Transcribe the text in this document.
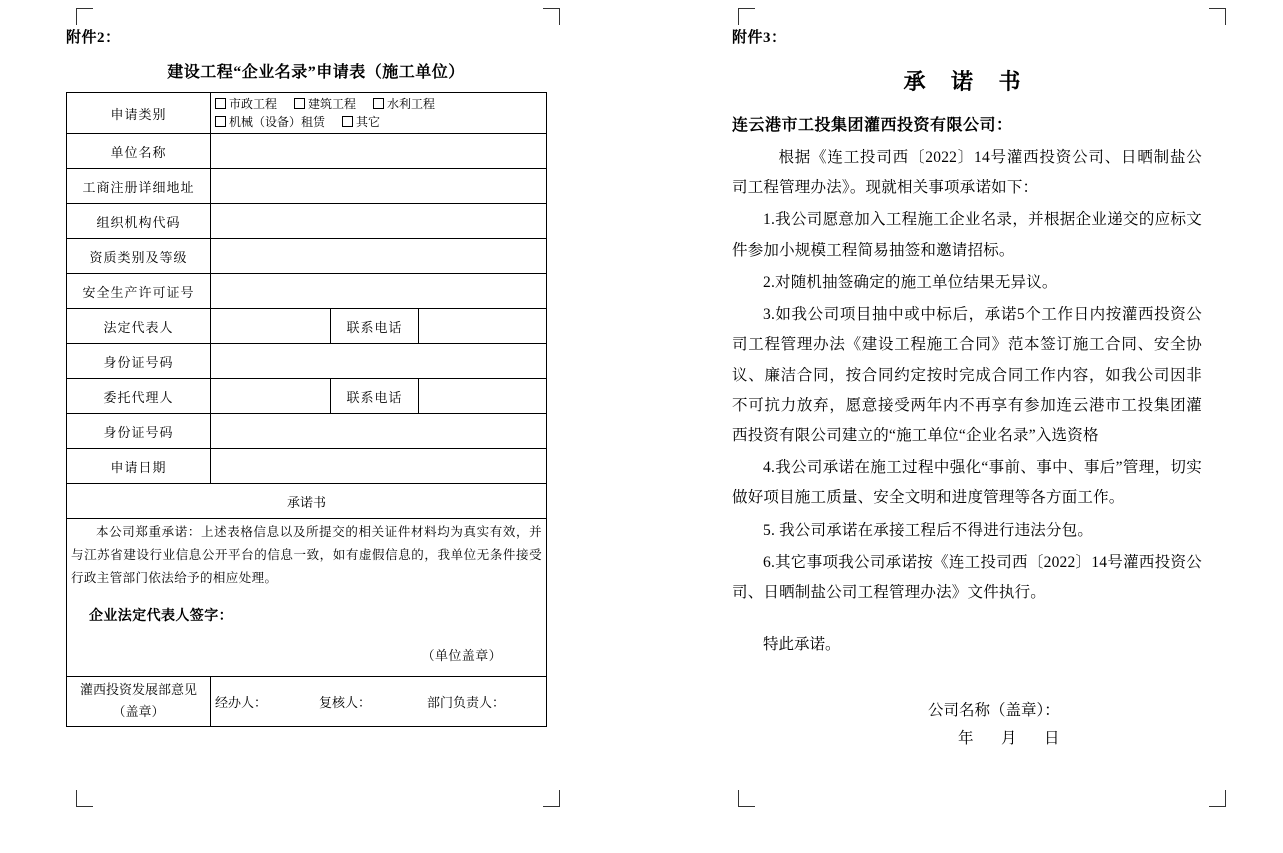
附件2：
建设工程“企业名录”申请表（施工单位）
申请类别	市政工程 建筑工程 水利工程
机械（设备）租赁 其它		

单位名称			
工商注册详细地址			
组织机构代码			
资质类别及等级			
安全生产许可证号			
法定代表人		联系电话	
身份证号码			
委托代理人		联系电话	
身份证号码			
申请日期			
承诺书			

本公司郑重承诺：上述表格信息以及所提交的相关证件材料均为真实有效，并与江苏省建设行业信息公开平台的信息一致，如有虚假信息的，我单位无条件接受行政主管部门依法给予的相应处理。

企业法定代表人签字：
（单位盖章）			

灌西投资发展部意见（盖章）	经办人： 复核人： 部门负责人：		
附件3：
承 诺 书
连云港市工投集团灌西投资有限公司：

根据《连工投司西〔2022〕14号灌西投资公司、日晒制盐公司工程管理办法》。现就相关事项承诺如下：

1.我公司愿意加入工程施工企业名录，并根据企业递交的应标文件参加小规模工程简易抽签和邀请招标。

2.对随机抽签确定的施工单位结果无异议。

3.如我公司项目抽中或中标后，承诺5个工作日内按灌西投资公司工程管理办法《建设工程施工合同》范本签订施工合同、安全协议、廉洁合同，按合同约定按时完成合同工作内容，如我公司因非不可抗力放弃，愿意接受两年内不再享有参加连云港市工投集团灌西投资有限公司建立的“施工单位“企业名录”入选资格

4.我公司承诺在施工过程中强化“事前、事中、事后”管理，切实做好项目施工质量、安全文明和进度管理等各方面工作。

5. 我公司承诺在承接工程后不得进行违法分包。

6.其它事项我公司承诺按《连工投司西〔2022〕14号灌西投资公司、日晒制盐公司工程管理办法》文件执行。

特此承诺。

公司名称（盖章）：
年　月　日
